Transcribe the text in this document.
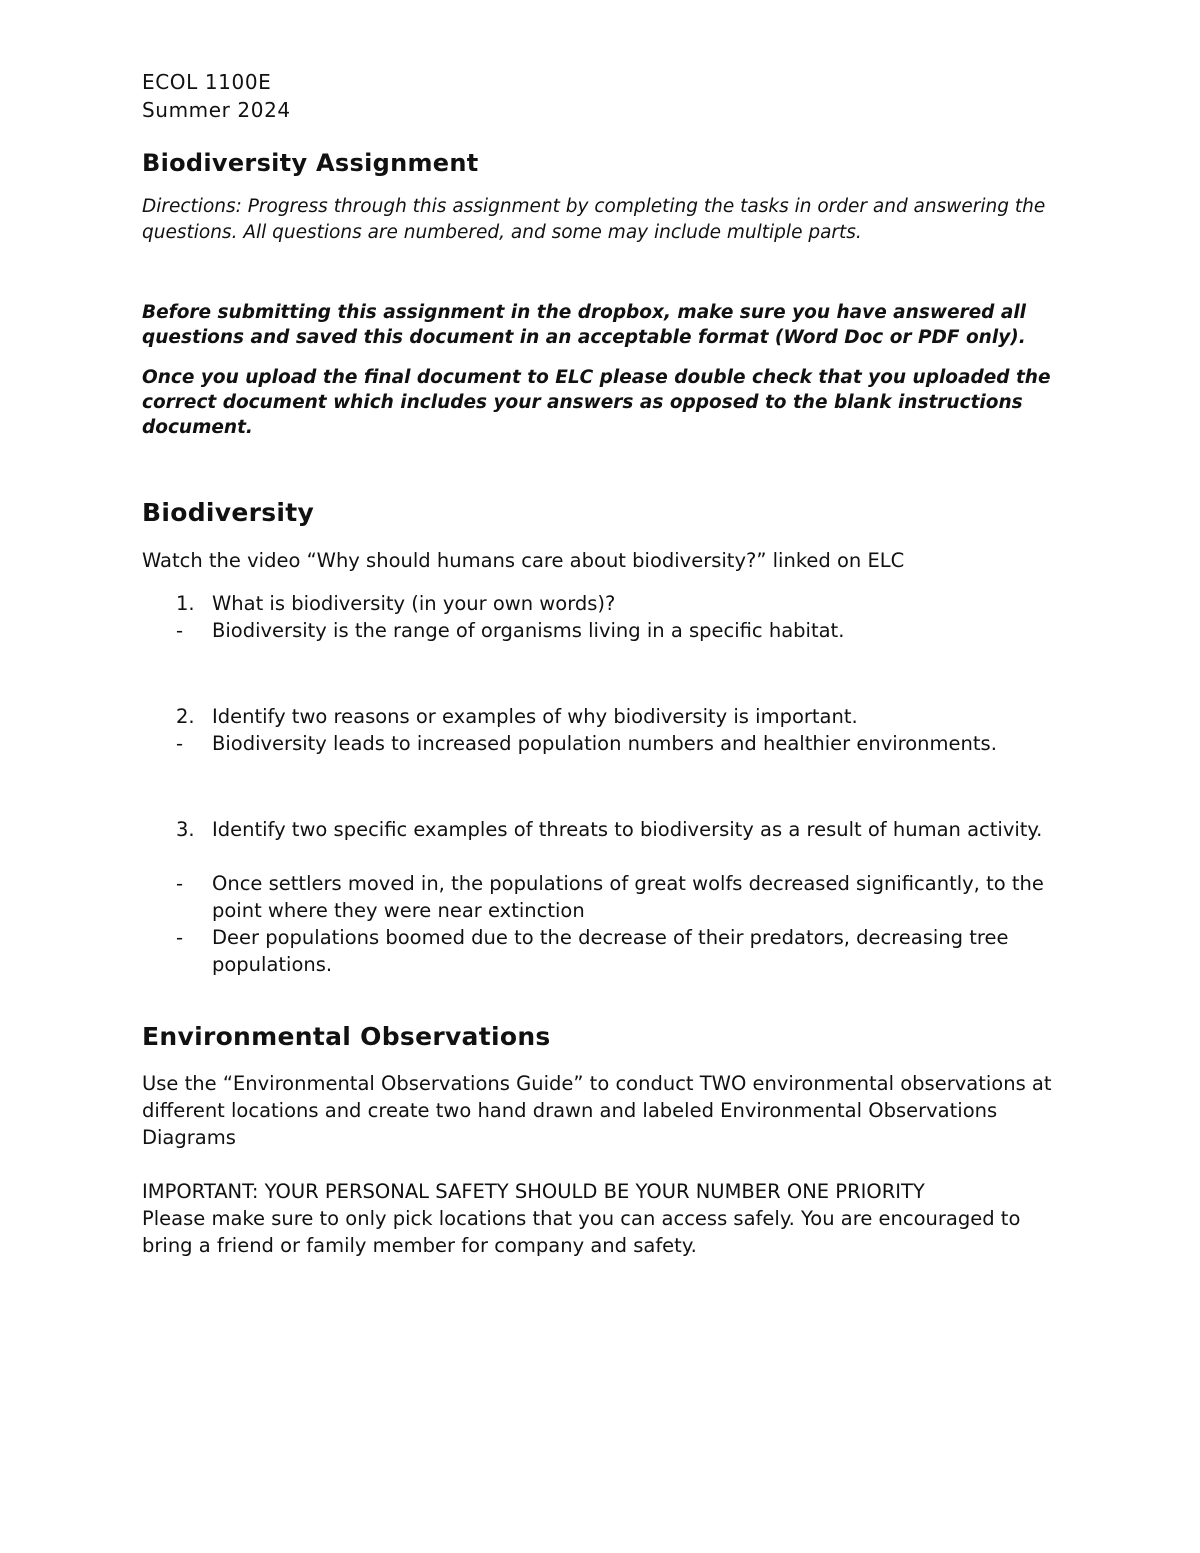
ECOL 1100E
Summer 2024
Biodiversity Assignment
Directions: Progress through this assignment by completing the tasks in order and answering the questions. All questions are numbered, and some may include multiple parts.
Before submitting this assignment in the dropbox, make sure you have answered all questions and saved this document in an acceptable format (Word Doc or PDF only).
Once you upload the final document to ELC please double check that you uploaded the correct document which includes your answers as opposed to the blank instructions document.
Biodiversity
Watch the video “Why should humans care about biodiversity?” linked on ELC
1. What is biodiversity (in your own words)?
- Biodiversity is the range of organisms living in a specific habitat.
2. Identify two reasons or examples of why biodiversity is important.
- Biodiversity leads to increased population numbers and healthier environments.
3. Identify two specific examples of threats to biodiversity as a result of human activity.
- Once settlers moved in, the populations of great wolfs decreased significantly, to the point where they were near extinction
- Deer populations boomed due to the decrease of their predators, decreasing tree populations.
Environmental Observations
Use the “Environmental Observations Guide” to conduct TWO environmental observations at different locations and create two hand drawn and labeled Environmental Observations Diagrams
IMPORTANT: YOUR PERSONAL SAFETY SHOULD BE YOUR NUMBER ONE PRIORITY
Please make sure to only pick locations that you can access safely. You are encouraged to bring a friend or family member for company and safety.
